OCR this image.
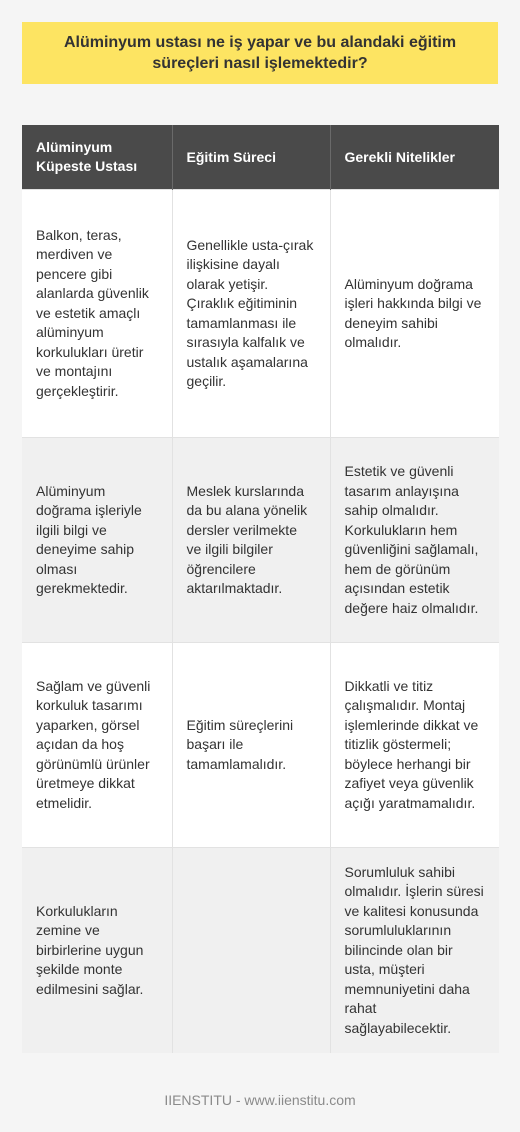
Alüminyum ustası ne iş yapar ve bu alandaki eğitim süreçleri nasıl işlemektedir?
Alüminyum Küpeste Ustası	Eğitim Süreci	Gerekli Nitelikler
Balkon, teras, merdiven ve pencere gibi alanlarda güvenlik ve estetik amaçlı alüminyum korkulukları üretir ve montajını gerçekleştirir.	Genellikle usta-çırak ilişkisine dayalı olarak yetişir. Çıraklık eğitiminin tamamlanması ile sırasıyla kalfalık ve ustalık aşamalarına geçilir.	Alüminyum doğrama işleri hakkında bilgi ve deneyim sahibi olmalıdır.
Alüminyum doğrama işleriyle ilgili bilgi ve deneyime sahip olması gerekmektedir.	Meslek kurslarında da bu alana yönelik dersler verilmekte ve ilgili bilgiler öğrencilere aktarılmaktadır.	Estetik ve güvenli tasarım anlayışına sahip olmalıdır. Korkulukların hem güvenliğini sağlamalı, hem de görünüm açısından estetik değere haiz olmalıdır.
Sağlam ve güvenli korkuluk tasarımı yaparken, görsel açıdan da hoş görünümlü ürünler üretmeye dikkat etmelidir.	Eğitim süreçlerini başarı ile tamamlamalıdır.	Dikkatli ve titiz çalışmalıdır. Montaj işlemlerinde dikkat ve titizlik göstermeli; böylece herhangi bir zafiyet veya güvenlik açığı yaratmamalıdır.
Korkulukların zemine ve birbirlerine uygun şekilde monte edilmesini sağlar.		Sorumluluk sahibi olmalıdır. İşlerin süresi ve kalitesi konusunda sorumluluklarının bilincinde olan bir usta, müşteri memnuniyetini daha rahat sağlayabilecektir.
IIENSTITU - www.iienstitu.com
